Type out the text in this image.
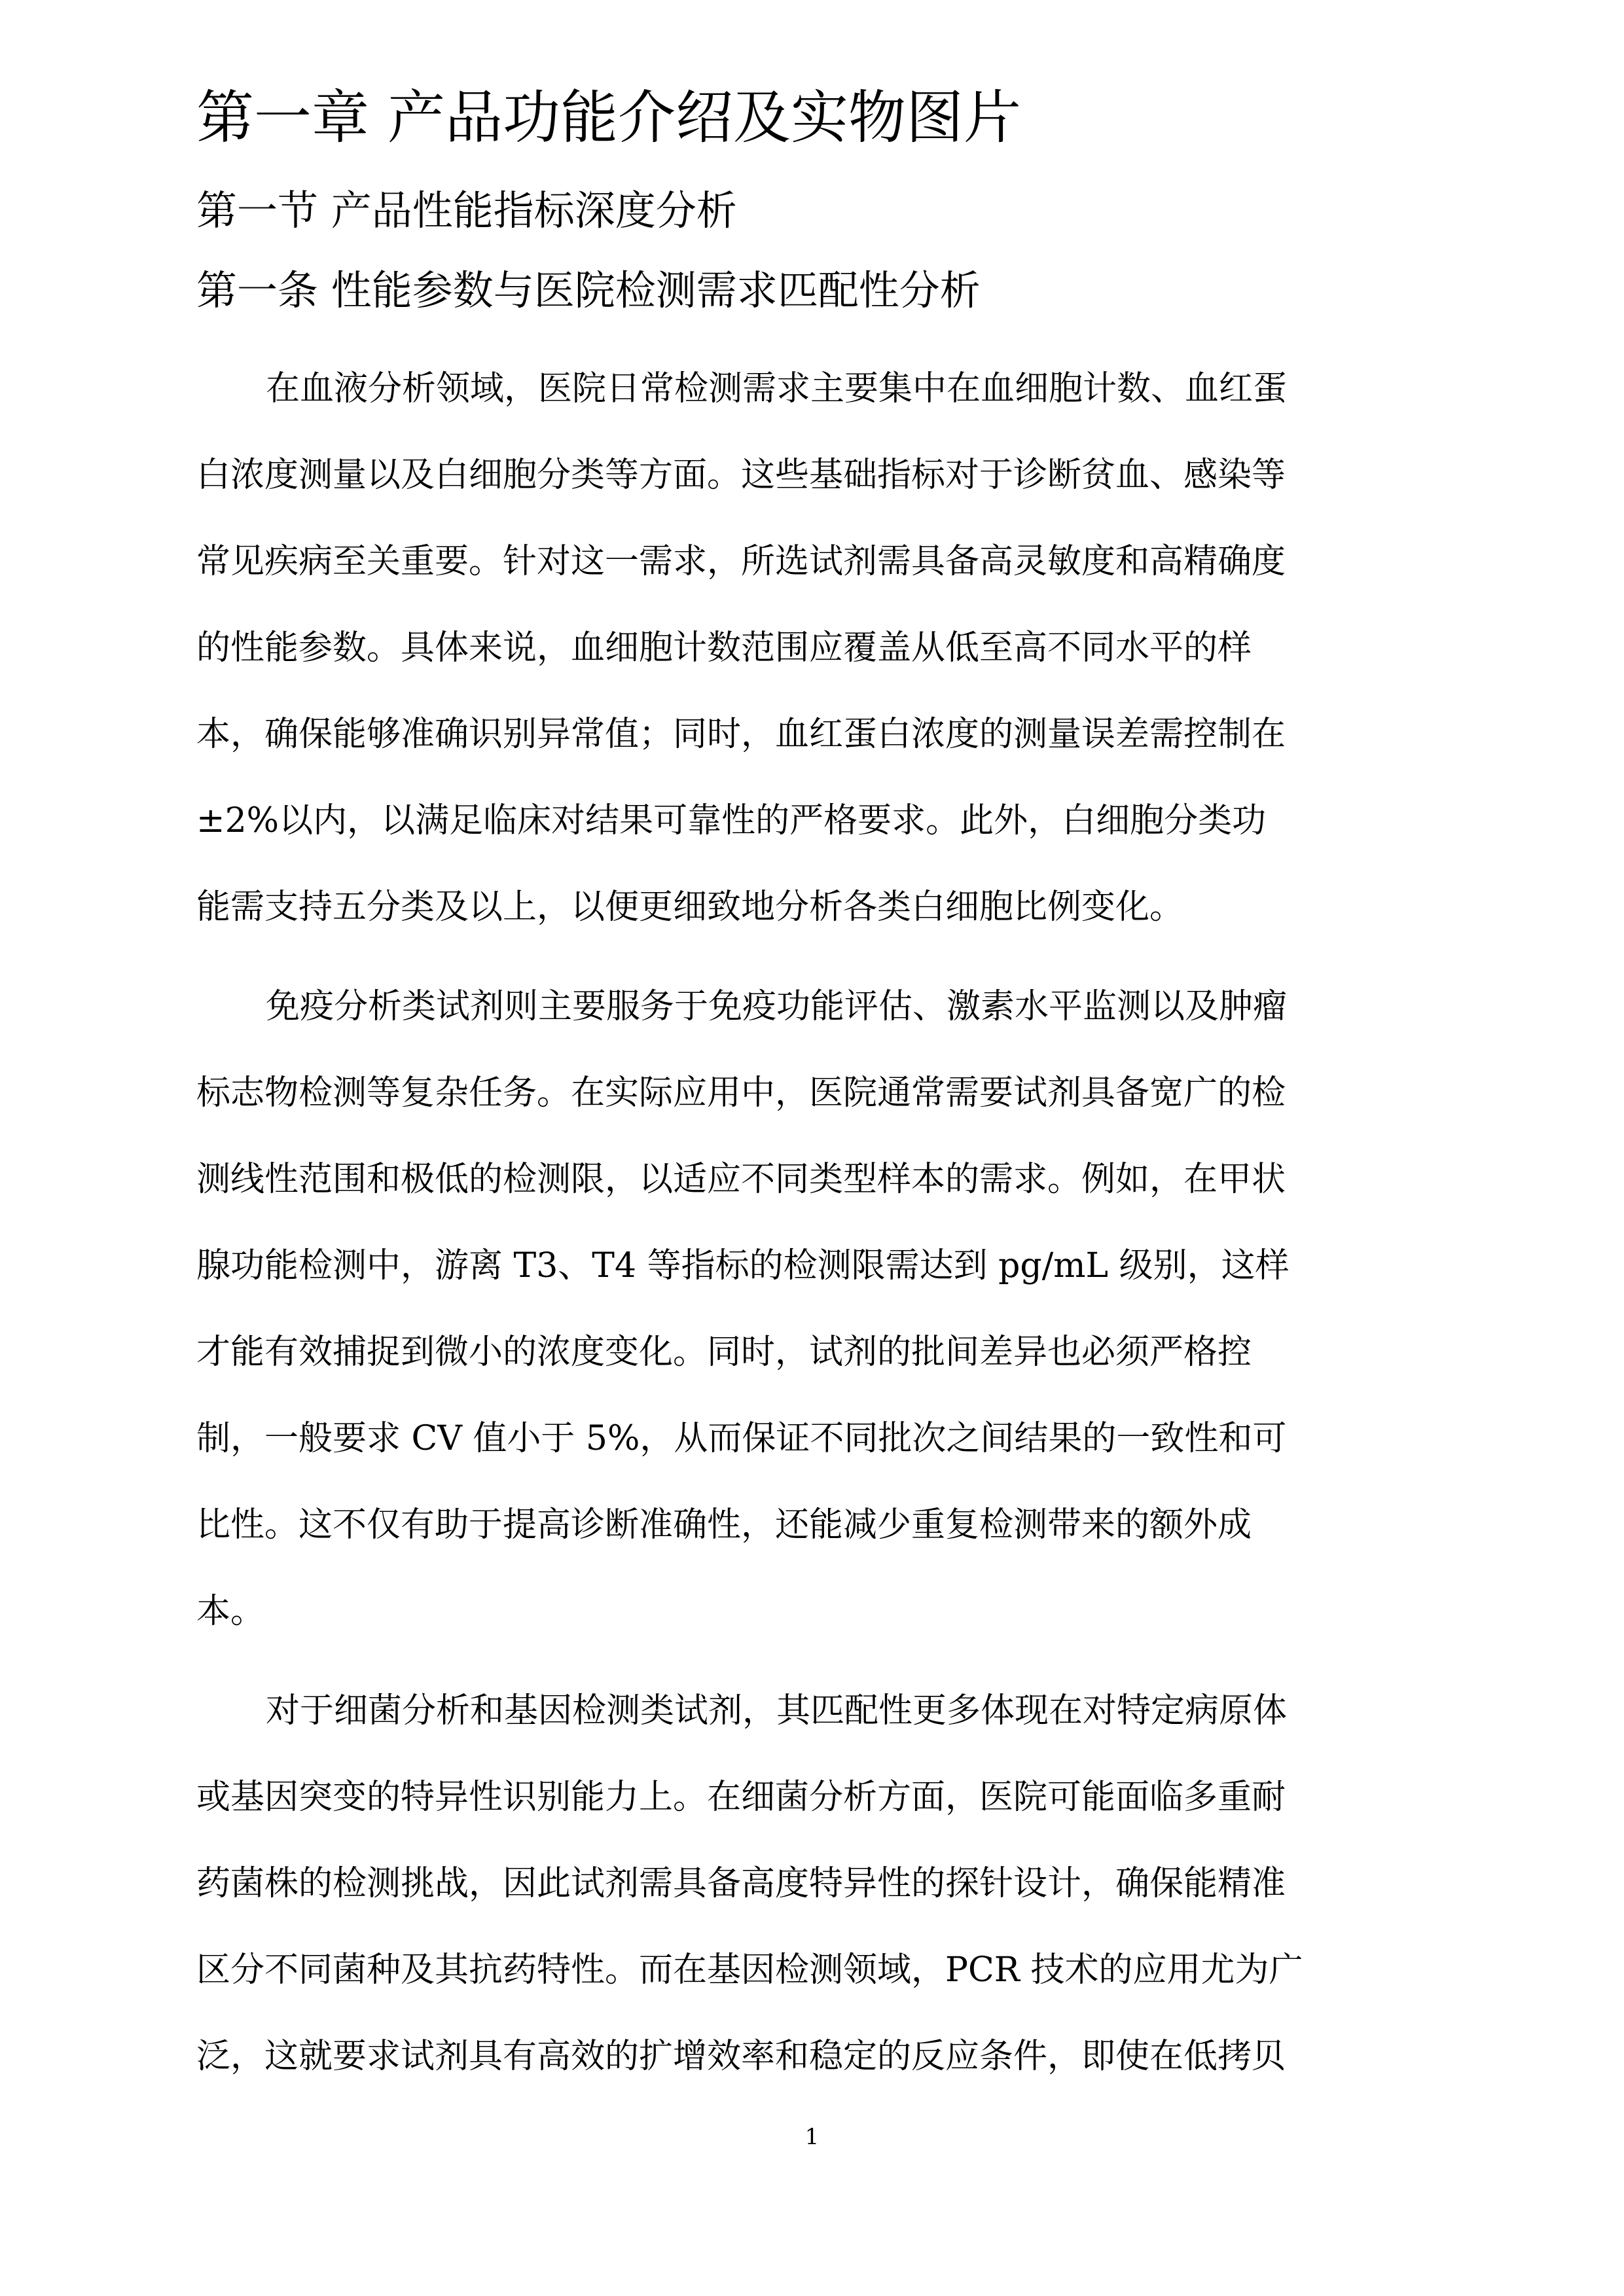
第一章 产品功能介绍及实物图片
第一节 产品性能指标深度分析
第一条 性能参数与医院检测需求匹配性分析
在血液分析领域，医院日常检测需求主要集中在血细胞计数、血红蛋
白浓度测量以及白细胞分类等方面。这些基础指标对于诊断贫血、感染等
常见疾病至关重要。针对这一需求，所选试剂需具备高灵敏度和高精确度
的性能参数。具体来说，血细胞计数范围应覆盖从低至高不同水平的样
本，确保能够准确识别异常值；同时，血红蛋白浓度的测量误差需控制在
±2%以内，以满足临床对结果可靠性的严格要求。此外，白细胞分类功
能需支持五分类及以上，以便更细致地分析各类白细胞比例变化。
免疫分析类试剂则主要服务于免疫功能评估、激素水平监测以及肿瘤
标志物检测等复杂任务。在实际应用中，医院通常需要试剂具备宽广的检
测线性范围和极低的检测限，以适应不同类型样本的需求。例如，在甲状
腺功能检测中，游离 T3、T4 等指标的检测限需达到 pg/mL 级别，这样
才能有效捕捉到微小的浓度变化。同时，试剂的批间差异也必须严格控
制，一般要求 CV 值小于 5%，从而保证不同批次之间结果的一致性和可
比性。这不仅有助于提高诊断准确性，还能减少重复检测带来的额外成
本。
对于细菌分析和基因检测类试剂，其匹配性更多体现在对特定病原体
或基因突变的特异性识别能力上。在细菌分析方面，医院可能面临多重耐
药菌株的检测挑战，因此试剂需具备高度特异性的探针设计，确保能精准
区分不同菌种及其抗药特性。而在基因检测领域，PCR 技术的应用尤为广
泛，这就要求试剂具有高效的扩增效率和稳定的反应条件，即使在低拷贝
1
